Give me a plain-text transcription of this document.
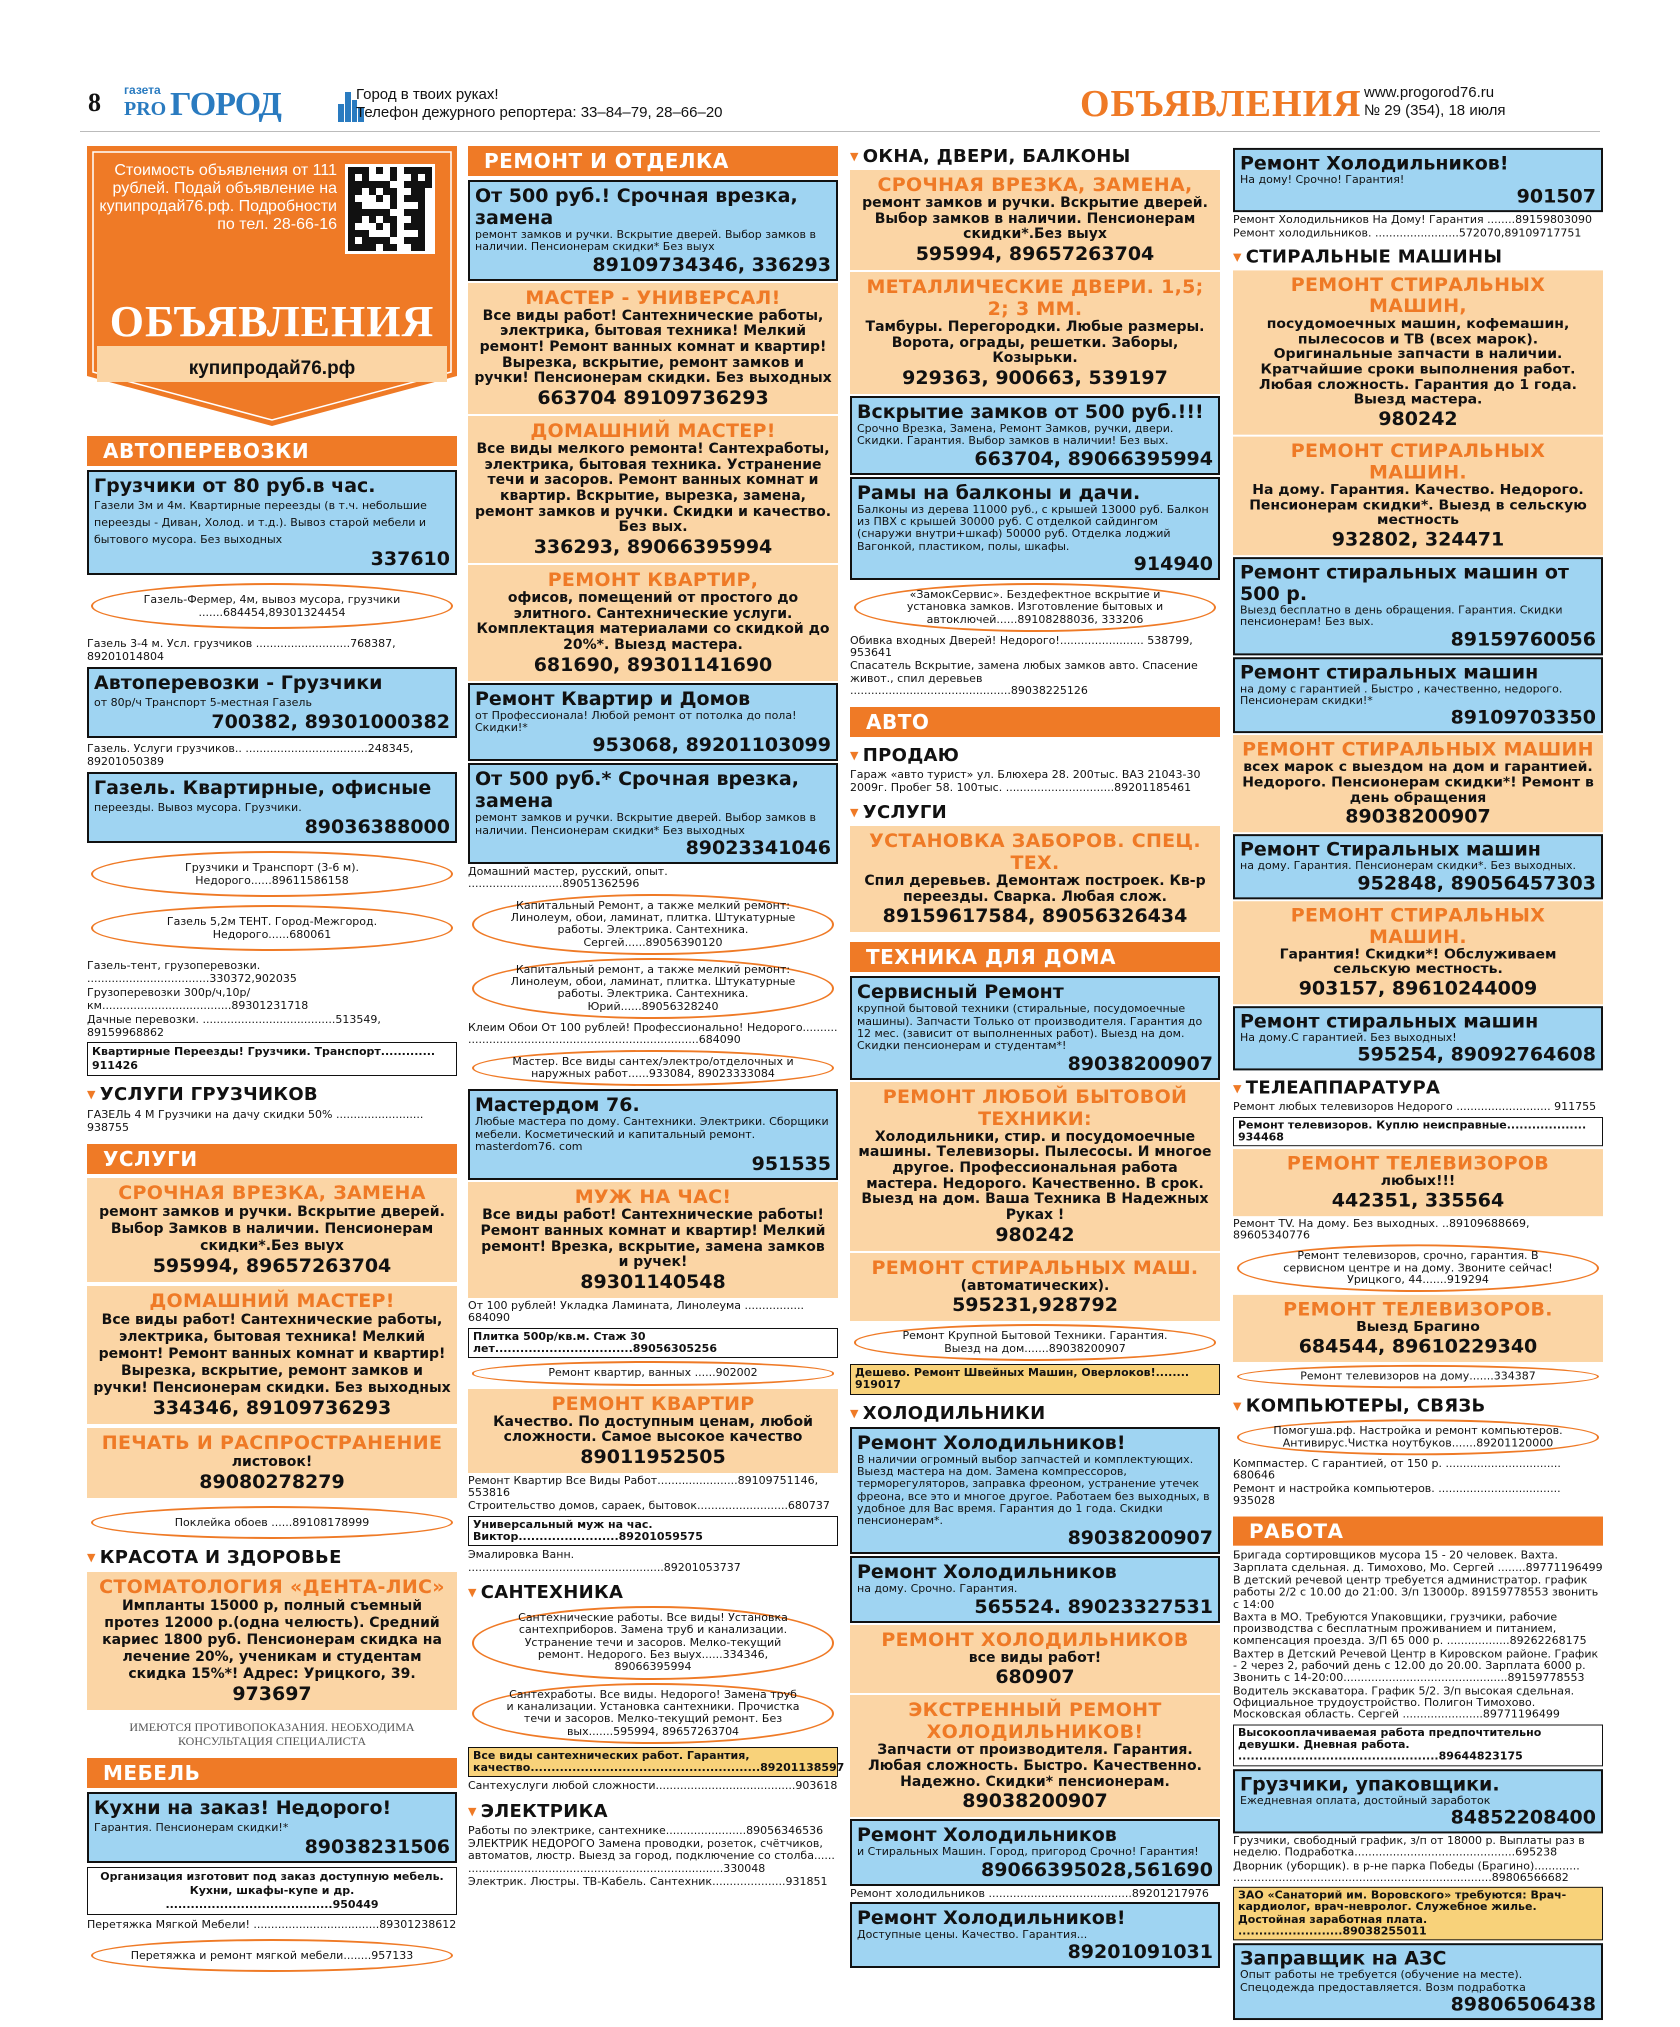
8 газета
PRO ГОРОД	Город в твоих руках!
Телефон дежурного репортера: 33–84–79, 28–66–20	ОБЪЯВЛЕНИЯ www.progorod76.ru
№ 29 (354), 18 июля
Стоимость объявления от 111 рублей. Подай объявление на купипродай76.рф. Подробности по тел. 28-66-16
ОБЪЯВЛЕНИЯ
купипродай76.рф
АВТОПЕРЕВОЗКИ
Грузчики от 80 руб.в час.
Газели 3м и 4м. Квартирные переезды (в т.ч. небольшие переезды - Диван, Холод. и т.д.). Вывоз старой мебели и бытового мусора. Без выходных
337610
Газель-Фермер, 4м, вывоз мусора, грузчики .......684454,89301324454
Газель 3-4 м. Усл. грузчиков ...........................768387, 89201014804
Автоперевозки - Грузчики
от 80р/ч Транспорт 5-местная Газель
700382, 89301000382
Газель. Услуги грузчиков.. ...................................248345, 89201050389
Газель. Квартирные, офисные
переезды. Вывоз мусора. Грузчики.
89036388000
Грузчики и Транспорт (3-6 м). Недорого......89611586158
Газель 5,2м ТЕНТ. Город-Межгород. Недорого......680061
Газель-тент, грузоперевозки. ...................................330372,902035
Грузоперевозки 300р/ч,10р/км.....................................89301231718
Дачные перевозки. ......................................513549, 89159968862
Квартирные Переезды! Грузчики. Транспорт............. 911426
▼ УСЛУГИ ГРУЗЧИКОВ
ГАЗЕЛЬ 4 М Грузчики на дачу скидки 50% ......................... 938755
УСЛУГИ
СРОЧНАЯ ВРЕЗКА, ЗАМЕНА
ремонт замков и ручки. Вскрытие дверей. Выбор Замков в наличии. Пенсионерам скидки*.Без выух
595994, 89657263704
ДОМАШНИЙ МАСТЕР!
Все виды работ! Сантехнические работы, электрика, бытовая техника! Мелкий ремонт! Ремонт ванных комнат и квартир! Вырезка, вскрытие, ремонт замков и ручки! Пенсионерам скидки. Без выходных
334346, 89109736293
ПЕЧАТЬ И РАСПРОСТРАНЕНИЕ
листовок!
89080278279
Поклейка обоев ......89108178999
▼ КРАСОТА И ЗДОРОВЬЕ
СТОМАТОЛОГИЯ «ДЕНТА-ЛИС»
Импланты 15000 р, полный съемный протез 12000 р.(одна челюсть). Средний кариес 1800 руб. Пенсионерам скидка на лечение 20%, ученикам и студентам скидка 15%*! Адрес: Урицкого, 39.
973697
ИМЕЮТСЯ ПРОТИВОПОКАЗАНИЯ. НЕОБХОДИМА КОНСУЛЬТАЦИЯ СПЕЦИАЛИСТА
МЕБЕЛЬ
Кухни на заказ! Недорого!
Гарантия. Пенсионерам скидки!*
89038231506
Организация изготовит под заказ доступную мебель. Кухни, шкафы-купе и др. ........................................950449
Перетяжка Мягкой Мебели! ....................................89301238612
Перетяжка и ремонт мягкой мебели........957133
РЕМОНТ И ОТДЕЛКА
От 500 руб.! Срочная врезка, замена
ремонт замков и ручки. Вскрытие дверей. Выбор замков в наличии. Пенсионерам скидки* Без выух
89109734346, 336293
МАСТЕР - УНИВЕРСАЛ!
Все виды работ! Сантехнические работы, электрика, бытовая техника! Мелкий ремонт! Ремонт ванных комнат и квартир! Вырезка, вскрытие, ремонт замков и ручки! Пенсионерам скидки. Без выходных
663704 89109736293
ДОМАШНИЙ МАСТЕР!
Все виды мелкого ремонта! Сантехработы, электрика, бытовая техника. Устранение течи и засоров. Ремонт ванных комнат и квартир. Вскрытие, вырезка, замена, ремонт замков и ручки. Скидки и качество. Без вых.
336293, 89066395994
РЕМОНТ КВАРТИР,
офисов, помещений от простого до элитного. Сантехнические услуги. Комплектация материалами со скидкой до 20%*. Выезд мастера.
681690, 89301141690
Ремонт Квартир и Домов
от Профессионала! Любой ремонт от потолка до пола! Скидки!*
953068, 89201103099
От 500 руб.* Срочная врезка, замена
ремонт замков и ручки. Вскрытие дверей. Выбор замков в наличии. Пенсионерам скидки* Без выходных
89023341046
Домашний мастер, русский, опыт. ...........................89051362596
Капитальный Ремонт, а также мелкий ремонт: Линолеум, обои, ламинат, плитка. Штукатурные работы. Электрика. Сантехника. Сергей......89056390120
Капитальный ремонт, а также мелкий ремонт: Линолеум, обои, ламинат, плитка. Штукатурные работы. Электрика. Сантехника. Юрий......89056328240
Клеим Обои От 100 рублей! Профессионально! Недорого.......... ..................................................................684090
Мастер. Все виды сантех/электро/отделочных и наружных работ......933084, 89023333084
Мастердом 76.
Любые мастера по дому. Сантехники. Электрики. Сборщики мебели. Косметический и капитальный ремонт. masterdom76. com
951535
МУЖ НА ЧАС!
Все виды работ! Сантехнические работы! Ремонт ванных комнат и квартир! Мелкий ремонт! Врезка, вскрытие, замена замков и ручек!
89301140548
От 100 рублей! Укладка Ламината, Линолеума ................. 684090
Плитка 500р/кв.м. Стаж 30 лет.................................89056305256
Ремонт квартир, ванных ......902002
РЕМОНТ КВАРТИР
Качество. По доступным ценам, любой сложности. Самое высокое качество
89011952505
Ремонт Квартир Все Виды Работ.......................89109751146, 553816
Строительство домов, сараек, бытовок..........................680737
Универсальный муж на час. Виктор........................89201059575
Эмалировка Ванн. ........................................................89201053737
▼ САНТЕХНИКА
Сантехнические работы. Все виды! Установка сантехприборов. Замена труб и канализации. Устранение течи и засоров. Мелко-текущий ремонт. Недорого. Без выух......334346, 89066395994
Сантехработы. Все виды. Недорого! Замена труб и канализации. Установка сантехники. Прочистка течи и засоров. Мелко-текущий ремонт. Без вых.......595994, 89657263704
Все виды сантехнических работ. Гарантия, качество.......................................................89201138597
Сантехуслуги любой сложности........................................903618
▼ ЭЛЕКТРИКА
Работы по электрике, сантехнике.......................89056346536
ЭЛЕКТРИК НЕДОРОГО Замена проводки, розеток, счётчиков, автоматов, люстр. Выезд за город, подключение со столба...... .........................................................................330048
Электрик. Люстры. ТВ-Кабель. Сантехник.....................931851
▼ ОКНА, ДВЕРИ, БАЛКОНЫ
СРОЧНАЯ ВРЕЗКА, ЗАМЕНА,
ремонт замков и ручки. Вскрытие дверей. Выбор замков в наличии. Пенсионерам скидки*.Без выух
595994, 89657263704
МЕТАЛЛИЧЕСКИЕ ДВЕРИ. 1,5; 2; 3 ММ.
Тамбуры. Перегородки. Любые размеры. Ворота, ограды, решетки. Заборы, Козырьки.
929363, 900663, 539197
Вскрытие замков от 500 руб.!!!
Срочно Врезка, Замена, Ремонт Замков, ручки, двери. Скидки. Гарантия. Выбор замков в наличии! Без вых.
663704, 89066395994
Рамы на балконы и дачи.
Балконы из дерева 11000 руб., с крышей 13000 руб. Балкон из ПВХ с крышей 30000 руб. С отделкой сайдингом (снаружи внутри+шкаф) 50000 руб. Отделка лоджий Вагонкой, пластиком, полы, шкафы.
914940
«ЗамокСервис». Бездефектное вскрытие и установка замков. Изготовление бытовых и автоключей......89108288036, 333206
Обивка входных Дверей! Недорого!........................ 538799, 953641
Спасатель Вскрытие, замена любых замков авто. Спасение живот., спил деревьев ..............................................89038225126
АВТО
▼ ПРОДАЮ
Гараж «авто турист» ул. Блюхера 28. 200тыс. ВАЗ 21043-30 2009г. Пробег 58. 100тыс. ...............................89201185461
▼ УСЛУГИ
УСТАНОВКА ЗАБОРОВ. СПЕЦ. ТЕХ.
Спил деревьев. Демонтаж построек. Кв-р переезды. Сварка. Любая слож.
89159617584, 89056326434
ТЕХНИКА ДЛЯ ДОМА
Сервисный Ремонт
крупной бытовой техники (стиральные, посудомоечные машины). Запчасти Только от производителя. Гарантия до 12 мес. (зависит от выполненных работ). Выезд на дом. Скидки пенсионерам и студентам*!
89038200907
РЕМОНТ ЛЮБОЙ БЫТОВОЙ ТЕХНИКИ:
Холодильники, стир. и посудомоечные машины. Телевизоры. Пылесосы. И многое другое. Профессиональная работа мастера. Недорого. Качественно. В срок. Выезд на дом. Ваша Техника В Надежных Руках !
980242
РЕМОНТ СТИРАЛЬНЫХ МАШ.
(автоматических).
595231,928792
Ремонт Крупной Бытовой Техники. Гарантия. Выезд на дом.......89038200907
Дешево. Ремонт Швейных Машин, Оверлоков!........ 919017
▼ ХОЛОДИЛЬНИКИ
Ремонт Холодильников!
В наличии огромный выбор запчастей и комплектующих. Выезд мастера на дом. Замена компрессоров, терморегуляторов, заправка фреоном, устранение утечек фреона, все это и многое другое. Работаем без выходных, в удобное для Вас время. Гарантия до 1 года. Скидки пенсионерам*.
89038200907
Ремонт Холодильников
на дому. Срочно. Гарантия.
565524. 89023327531
РЕМОНТ ХОЛОДИЛЬНИКОВ
все виды работ!
680907
ЭКСТРЕННЫЙ РЕМОНТ ХОЛОДИЛЬНИКОВ!
Запчасти от производителя. Гарантия. Любая сложность. Быстро. Качественно. Надежно. Скидки* пенсионерам.
89038200907
Ремонт Холодильников
и Стиральных Машин. Город, пригород Срочно! Гарантия!
89066395028,561690
Ремонт холодильников .........................................89201217976
Ремонт Холодильников!
Доступные цены. Качество. Гарантия...
89201091031
Ремонт Холодильников!
На дому! Срочно! Гарантия!
901507
Ремонт Холодильников На Дому! Гарантия ........89159803090
Ремонт холодильников. ........................572070,89109717751
▼ СТИРАЛЬНЫЕ МАШИНЫ
РЕМОНТ СТИРАЛЬНЫХ МАШИН,
посудомоечных машин, кофемашин, пылесосов и ТВ (всех марок). Оригинальные запчасти в наличии. Кратчайшие сроки выполнения работ. Любая сложность. Гарантия до 1 года. Выезд мастера.
980242
РЕМОНТ СТИРАЛЬНЫХ МАШИН.
На дому. Гарантия. Качество. Недорого. Пенсионерам скидки*. Выезд в сельскую местность
932802, 324471
Ремонт стиральных машин от 500 р.
Выезд бесплатно в день обращения. Гарантия. Скидки пенсионерам! Без вых.
89159760056
Ремонт стиральных машин
на дому с гарантией . Быстро , качественно, недорого. Пенсионерам скидки!*
89109703350
РЕМОНТ СТИРАЛЬНЫХ МАШИН
всех марок с выездом на дом и гарантией. Недорого. Пенсионерам скидки*! Ремонт в день обращения
89038200907
Ремонт Стиральных машин
на дому. Гарантия. Пенсионерам скидки*. Без выходных.
952848, 89056457303
РЕМОНТ СТИРАЛЬНЫХ МАШИН.
Гарантия! Скидки*! Обслуживаем сельскую местность.
903157, 89610244009
Ремонт стиральных машин
На дому.С гарантией. Без выходных!
595254, 89092764608
▼ ТЕЛЕАППАРАТУРА
Ремонт любых телевизоров Недорого ........................... 911755
Ремонт телевизоров. Куплю неисправные................... 934468
РЕМОНТ ТЕЛЕВИЗОРОВ
любых!!!
442351, 335564
Ремонт TV. На дому. Без выходных. ..89109688669, 89605340776
Ремонт телевизоров, срочно, гарантия. В сервисном центре и на дому. Звоните сейчас! Урицкого, 44.......919294
РЕМОНТ ТЕЛЕВИЗОРОВ.
Выезд Брагино
684544, 89610229340
Ремонт телевизоров на дому.......334387
▼ КОМПЬЮТЕРЫ, СВЯЗЬ
Помогуша.рф. Настройка и ремонт компьютеров. Антивирус.Чистка ноутбуков.......89201120000
Компмастер. С гарантией, от 150 р. ................................. 680646
Ремонт и настройка компьютеров. ................................... 935028
РАБОТА
Бригада сортировщиков мусора 15 - 20 человек. Вахта. Зарплата сдельная. д. Тимохово, Мо. Сергей ........89771196499
В детский речевой центр требуется администратор. график работы 2/2 с 10.00 до 21:00. З/п 13000р. 89159778553 звонить с 14:00
Вахта в МО. Требуются Упаковщики, грузчики, рабочие производства с бесплатным проживанием и питанием, компенсация проезда. З/П 65 000 р. ..................89262268175
Вахтер в Детский Речевой Центр в Кировском районе. График - 2 через 2, рабочий день с 12.00 до 20.00. Зарплата 6000 р. Звонить с 14-20:00...............................................89159778553
Водитель экскаватора. График 5/2. З/п высокая сдельная. Официальное трудоустройство. Полигон Тимохово. Московская область. Сергей .......................89771196499
Высокооплачиваемая работа предпочтительно девушки. Дневная работа. ................................................89644823175
Грузчики, упаковщики.
Ежедневная оплата, достойный заработок
84852208400
Грузчики, свободный график, з/п от 18000 р. Выплаты раз в неделю. Подработка..............................................695238
Дворник (уборщик). в р-не парка Победы (Брагино)............. ..........................................................................89806566682
ЗАО «Санаторий им. Воровского» требуются: Врач-кардиолог, врач-невролог. Служебное жилье. Достойная заработная плата. .........................89038255011
Заправщик на АЗС
Опыт работы не требуется (обучение на месте). Спецодежда предоставляется. Возм подработка
89806506438
